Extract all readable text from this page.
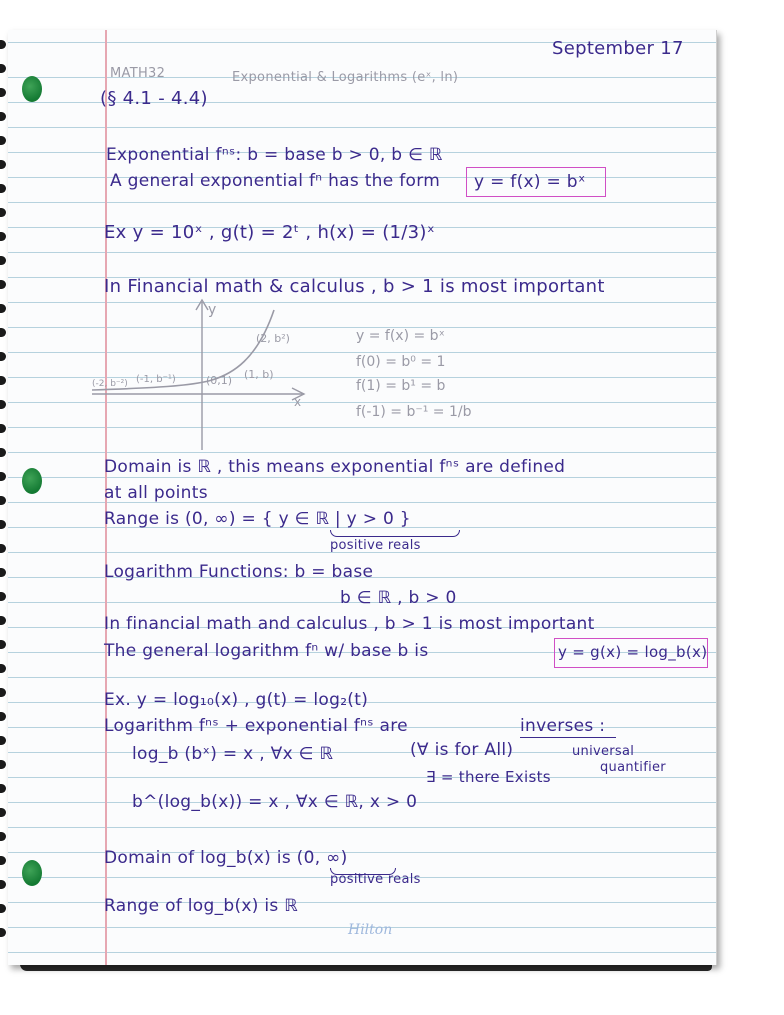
September 17
MATH32	Exponential & Logarithms (eˣ, ln)
(§ 4.1 - 4.4)
Exponential fⁿˢ: b = base b > 0, b ∈ ℝ
A general exponential fⁿ has the form y = f(x) = bˣ
Ex y = 10ˣ , g(t) = 2ᵗ , h(x) = (1/3)ˣ
In Financial math & calculus , b > 1 is most important
y
x
(2, b²)
(0,1) (1, b)
(-1, b⁻¹)
(-2, b⁻²)
y = f(x) = bˣ
f(0) = b⁰ = 1
f(1) = b¹ = b
f(-1) = b⁻¹ = 1/b
Domain is ℝ , this means exponential fⁿˢ are defined
at all points
Range is (0, ∞) = { y ∈ ℝ | y > 0 }
positive reals
Logarithm Functions: b = base
b ∈ ℝ , b > 0
In financial math and calculus , b > 1 is most important
The general logarithm fⁿ w/ base b is	y = g(x) = log_b(x)
Ex. y = log₁₀(x) , g(t) = log₂(t)
Logarithm fⁿˢ + exponential fⁿˢ are	inverses :
log_b (bˣ) = x , ∀x ∈ ℝ	(∀ is for All)	universal
quantifier
∃ = there Exists
b^(log_b(x)) = x , ∀x ∈ ℝ, x > 0
Domain of log_b(x) is (0, ∞)
positive reals
Range of log_b(x) is ℝ
Hilton
